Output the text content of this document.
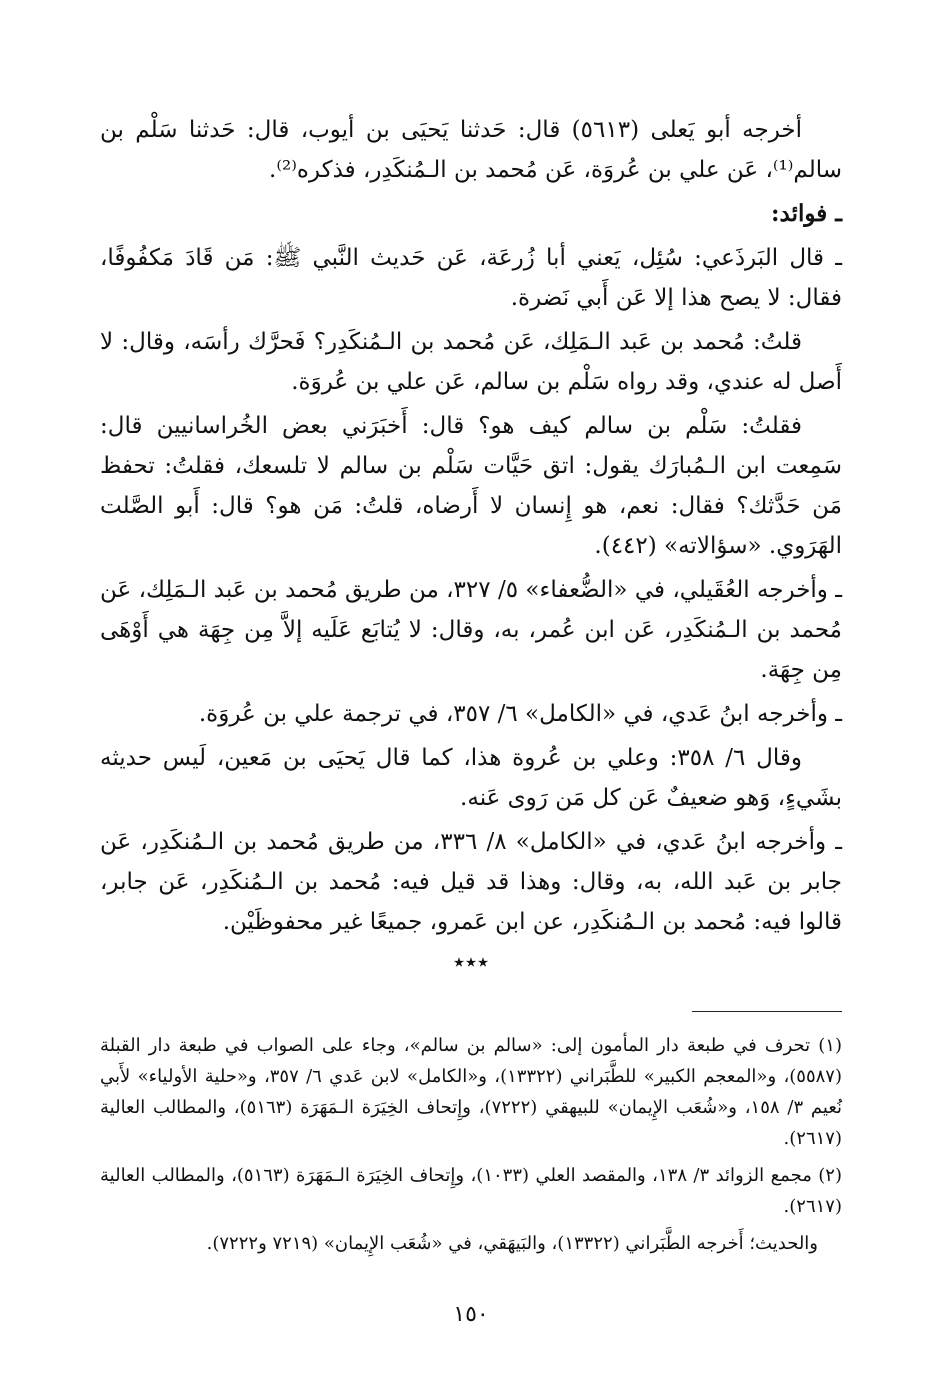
أخرجه أبو يَعلى (٥٦١٣) قال: حَدثنا يَحيَى بن أيوب، قال: حَدثنا سَلْم بن سالم⁽¹⁾، عَن علي بن عُروَة، عَن مُحمد بن الـمُنكَدِر، فذكره⁽²⁾.

ـ فوائد:

ـ قال البَرذَعي: سُئِل، يَعني أبا زُرعَة، عَن حَديث النَّبي ﷺ: مَن قَادَ مَكفُوفًا، فقال: لا يصح هذا إلا عَن أَبي نَضرة.

قلتُ: مُحمد بن عَبد الـمَلِك، عَن مُحمد بن الـمُنكَدِر؟ فَحرَّك رأسَه، وقال: لا أَصل له عندي، وقد رواه سَلْم بن سالم، عَن علي بن عُروَة.

فقلتُ: سَلْم بن سالم كيف هو؟ قال: أَخبَرَني بعض الخُراسانيين قال: سَمِعت ابن الـمُبارَك يقول: اتق حَيَّات سَلْم بن سالم لا تلسعك، فقلتُ: تحفظ مَن حَدَّثك؟ فقال: نعم، هو إِنسان لا أَرضاه، قلتُ: مَن هو؟ قال: أَبو الصَّلت الهَرَوي. «سؤالاته» (٤٤٢).

ـ وأخرجه العُقَيلي، في «الضُّعفاء» ٥/ ٣٢٧، من طريق مُحمد بن عَبد الـمَلِك، عَن مُحمد بن الـمُنكَدِر، عَن ابن عُمر، به، وقال: لا يُتابَع عَلَيه إلاَّ مِن جِهَة هي أَوْهَى مِن جِهَة.

ـ وأخرجه ابنُ عَدي، في «الكامل» ٦/ ٣٥٧، في ترجمة علي بن عُروَة.

وقال ٦/ ٣٥٨: وعلي بن عُروة هذا، كما قال يَحيَى بن مَعين، لَيس حديثه بشَيءٍ، وَهو ضعيفٌ عَن كل مَن رَوى عَنه.

ـ وأخرجه ابنُ عَدي، في «الكامل» ٨/ ٣٣٦، من طريق مُحمد بن الـمُنكَدِر، عَن جابر بن عَبد الله، به، وقال: وهذا قد قيل فيه: مُحمد بن الـمُنكَدِر، عَن جابر، قالوا فيه: مُحمد بن الـمُنكَدِر، عن ابن عَمرو، جميعًا غير محفوظَيْن.

٭٭٭

(١) تحرف في طبعة دار المأمون إلى: «سالم بن سالم»، وجاء على الصواب في طبعة دار القبلة (٥٥٨٧)، و«المعجم الكبير» للطَّبَراني (١٣٣٢٢)، و«الكامل» لابن عَدي ٦/ ٣٥٧، و«حلية الأولياء» لأَبي نُعيم ٣/ ١٥٨، و«شُعَب الإِيمان» للبيهقي (٧٢٢٢)، وإِتحاف الخِيَرَة الـمَهَرَة (٥١٦٣)، والمطالب العالية (٢٦١٧).

(٢) مجمع الزوائد ٣/ ١٣٨، والمقصد العلي (١٠٣٣)، وإِتحاف الخِيَرَة الـمَهَرَة (٥١٦٣)، والمطالب العالية (٢٦١٧).

والحديث؛ أَخرجه الطَّبَراني (١٣٣٢٢)، والبَيهَقي، في «شُعَب الإِيمان» (٧٢١٩ و٧٢٢٢).

١٥٠
